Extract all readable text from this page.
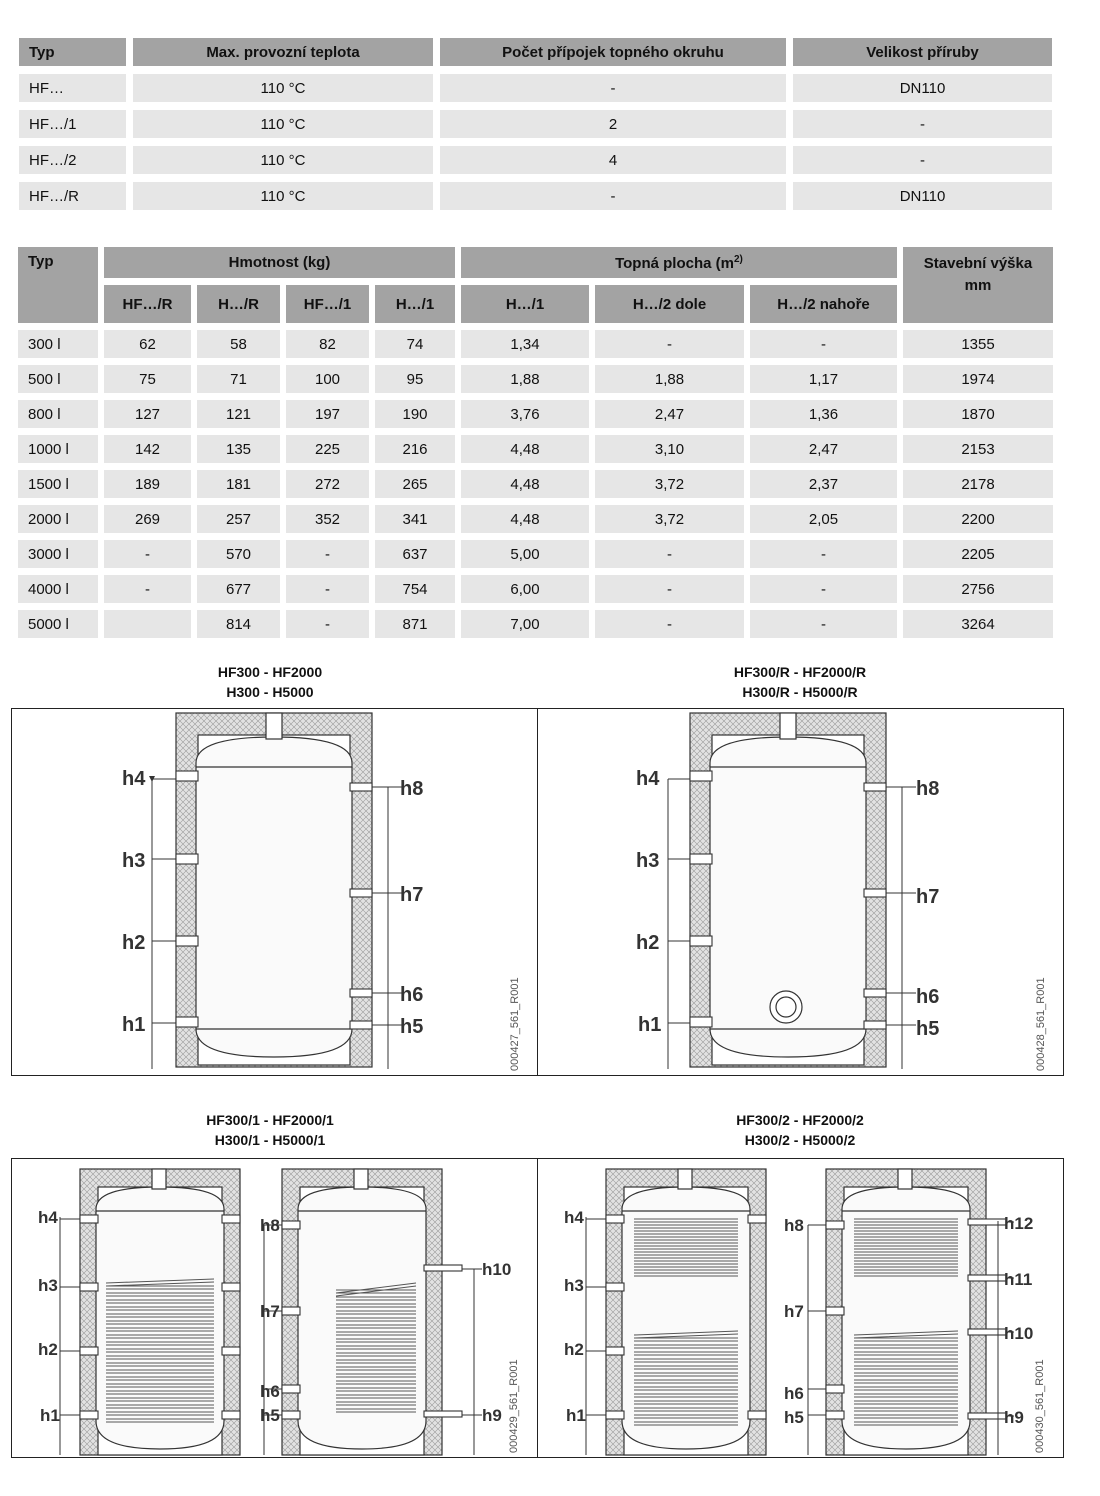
Typ	Max. provozní teplota	Počet přípojek topného okruhu	Velikost příruby
HF…	110 °C	-	DN110
HF…/1	110 °C	2	-
HF…/2	110 °C	4	-
HF…/R	110 °C	-	DN110
Typ	Hmotnost (kg)				Topná plocha ($m^{2)}$			Stavební výška mm
	HF…/R	H…/R	HF…/1	H…/1	H…/1	H…/2 dole	H…/2 nahoře	
300 l	62	58	82	74	1,34	-	-	1355
500 l	75	71	100	95	1,88	1,88	1,17	1974
800 l	127	121	197	190	3,76	2,47	1,36	1870
1000 l	142	135	225	216	4,48	3,10	2,47	2153
1500 l	189	181	272	265	4,48	3,72	2,37	2178
2000 l	269	257	352	341	4,48	3,72	2,05	2200
3000 l	-	570	-	637	5,00	-	-	2205
4000 l	-	677	-	754	6,00	-	-	2756
5000 l		814	-	871	7,00	-	-	3264
HF300 - HF2000
H300 - H5000
HF300/R - HF2000/R
H300/R - H5000/R
HF300/1 - HF2000/1
H300/1 - H5000/1
HF300/2 - HF2000/2
H300/2 - H5000/2
h4
h3
h2
h1
h8
h7
h6
h5	000427_561_R001
h4
h3
h2
h1
h8
h7
h6
h5	000428_561_R001
h4
h3
h2
h1
h8
h7
h6
h5
h10
h9 000429_561_R001
h4
h3
h2
h1
h8
h7
h6
h5
h12
h11
h10
h9 000430_561_R001
